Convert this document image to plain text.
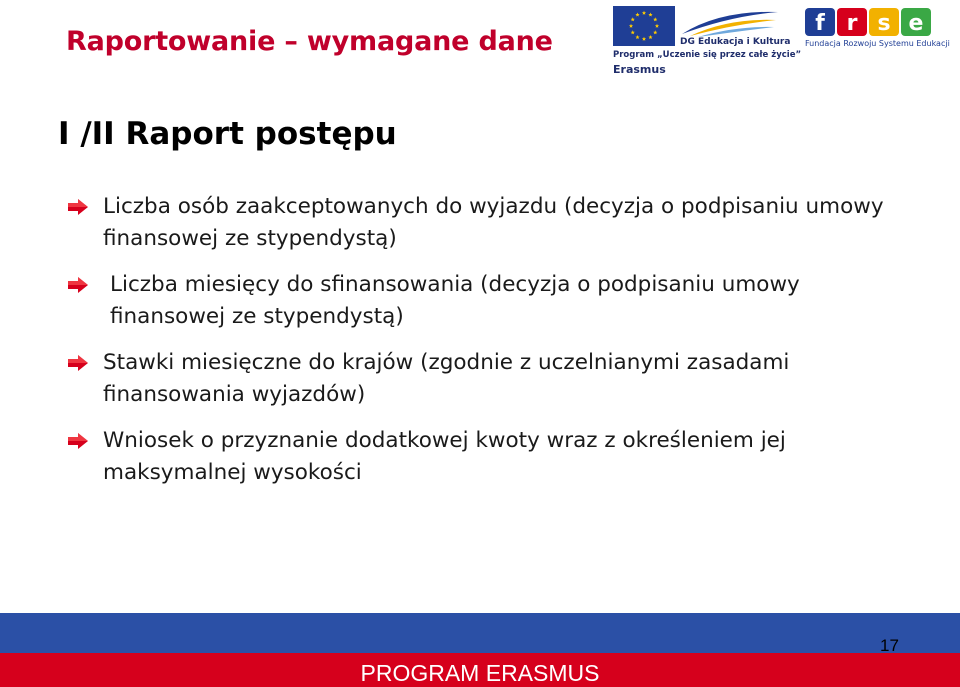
Raportowanie – wymagane dane	DG Edukacja i Kultura
Program „Uczenie się przez całe życie”
Erasmus
f r s e
Fundacja Rozwoju Systemu Edukacji
I /II Raport postępu
Liczba osób zaakceptowanych do wyjazdu (decyzja o podpisaniu umowy finansowej ze stypendystą)
Liczba miesięcy do sfinansowania (decyzja o podpisaniu umowy finansowej ze stypendystą)
Stawki miesięczne do krajów (zgodnie z uczelnianymi zasadami finansowania wyjazdów)
Wniosek o przyznanie dodatkowej kwoty wraz z określeniem jej maksymalnej wysokości
PROGRAM ERASMUS
17
